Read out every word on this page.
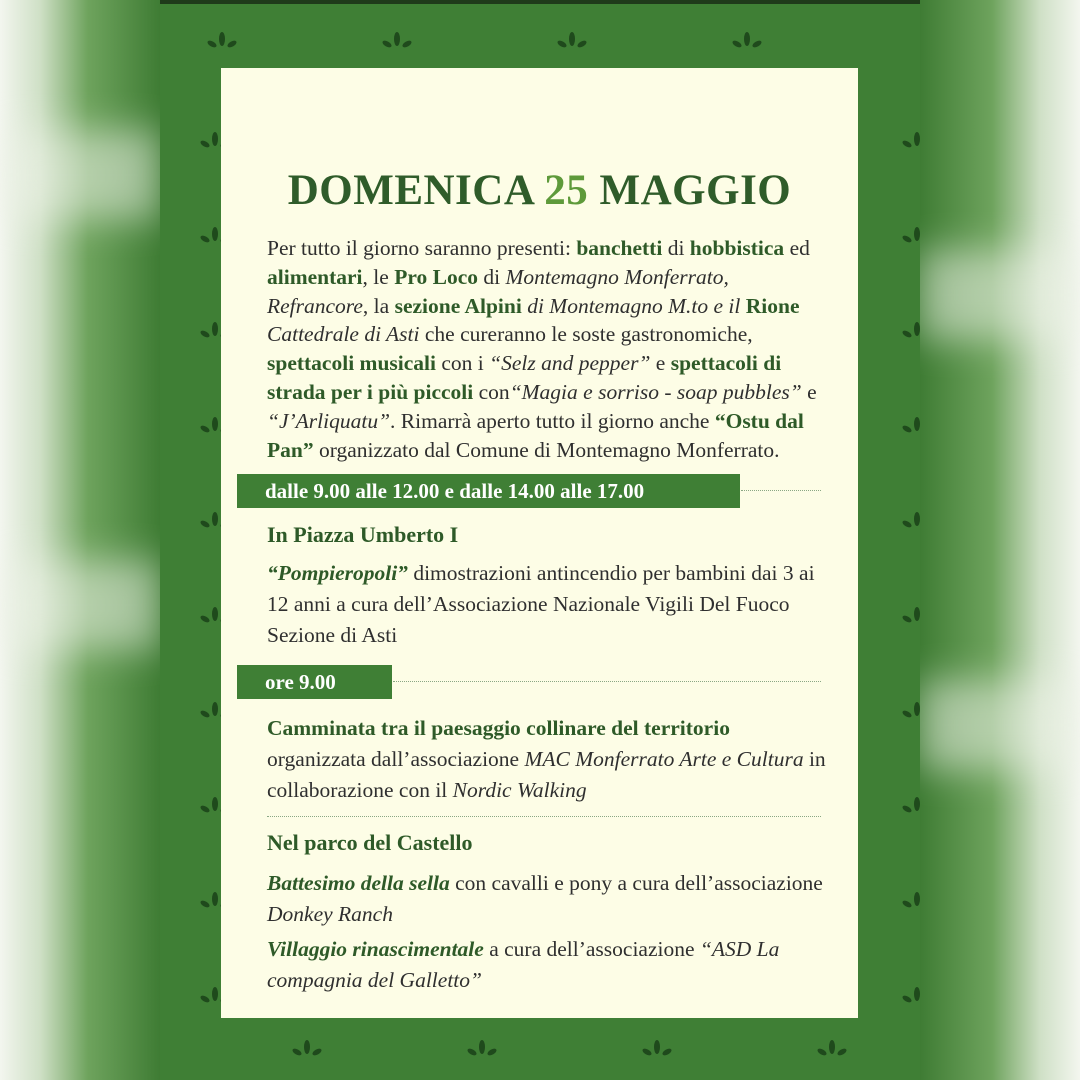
DOMENICA 25 MAGGIO

Per tutto il giorno saranno presenti: banchetti di hobbistica ed alimentari, le Pro Loco di Montemagno Monferrato, Refrancore, la sezione Alpini di Montemagno M.to e il Rione Cattedrale di Asti che cureranno le soste gastronomiche, spettacoli musicali con i “Selz and pepper” e spettacoli di strada per i più piccoli con“Magia e sorriso - soap pubbles” e “J’Arliquatu”. Rimarrà aperto tutto il giorno anche “Ostu dal Pan” organizzato dal Comune di Montemagno Monferrato.

dalle 9.00 alle 12.00 e dalle 14.00 alle 17.00
In Piazza Umberto I

“Pompieropoli” dimostrazioni antincendio per bambini dai 3 ai 12 anni a cura dell’Associazione Nazionale Vigili Del Fuoco Sezione di Asti

ore 9.00

Camminata tra il paesaggio collinare del territorio organizzata dall’associazione MAC Monferrato Arte e Cultura in collaborazione con il Nordic Walking

Nel parco del Castello

Battesimo della sella con cavalli e pony a cura dell’associazione Donkey Ranch

Villaggio rinascimentale a cura dell’associazione “ASD La compagnia del Galletto”
